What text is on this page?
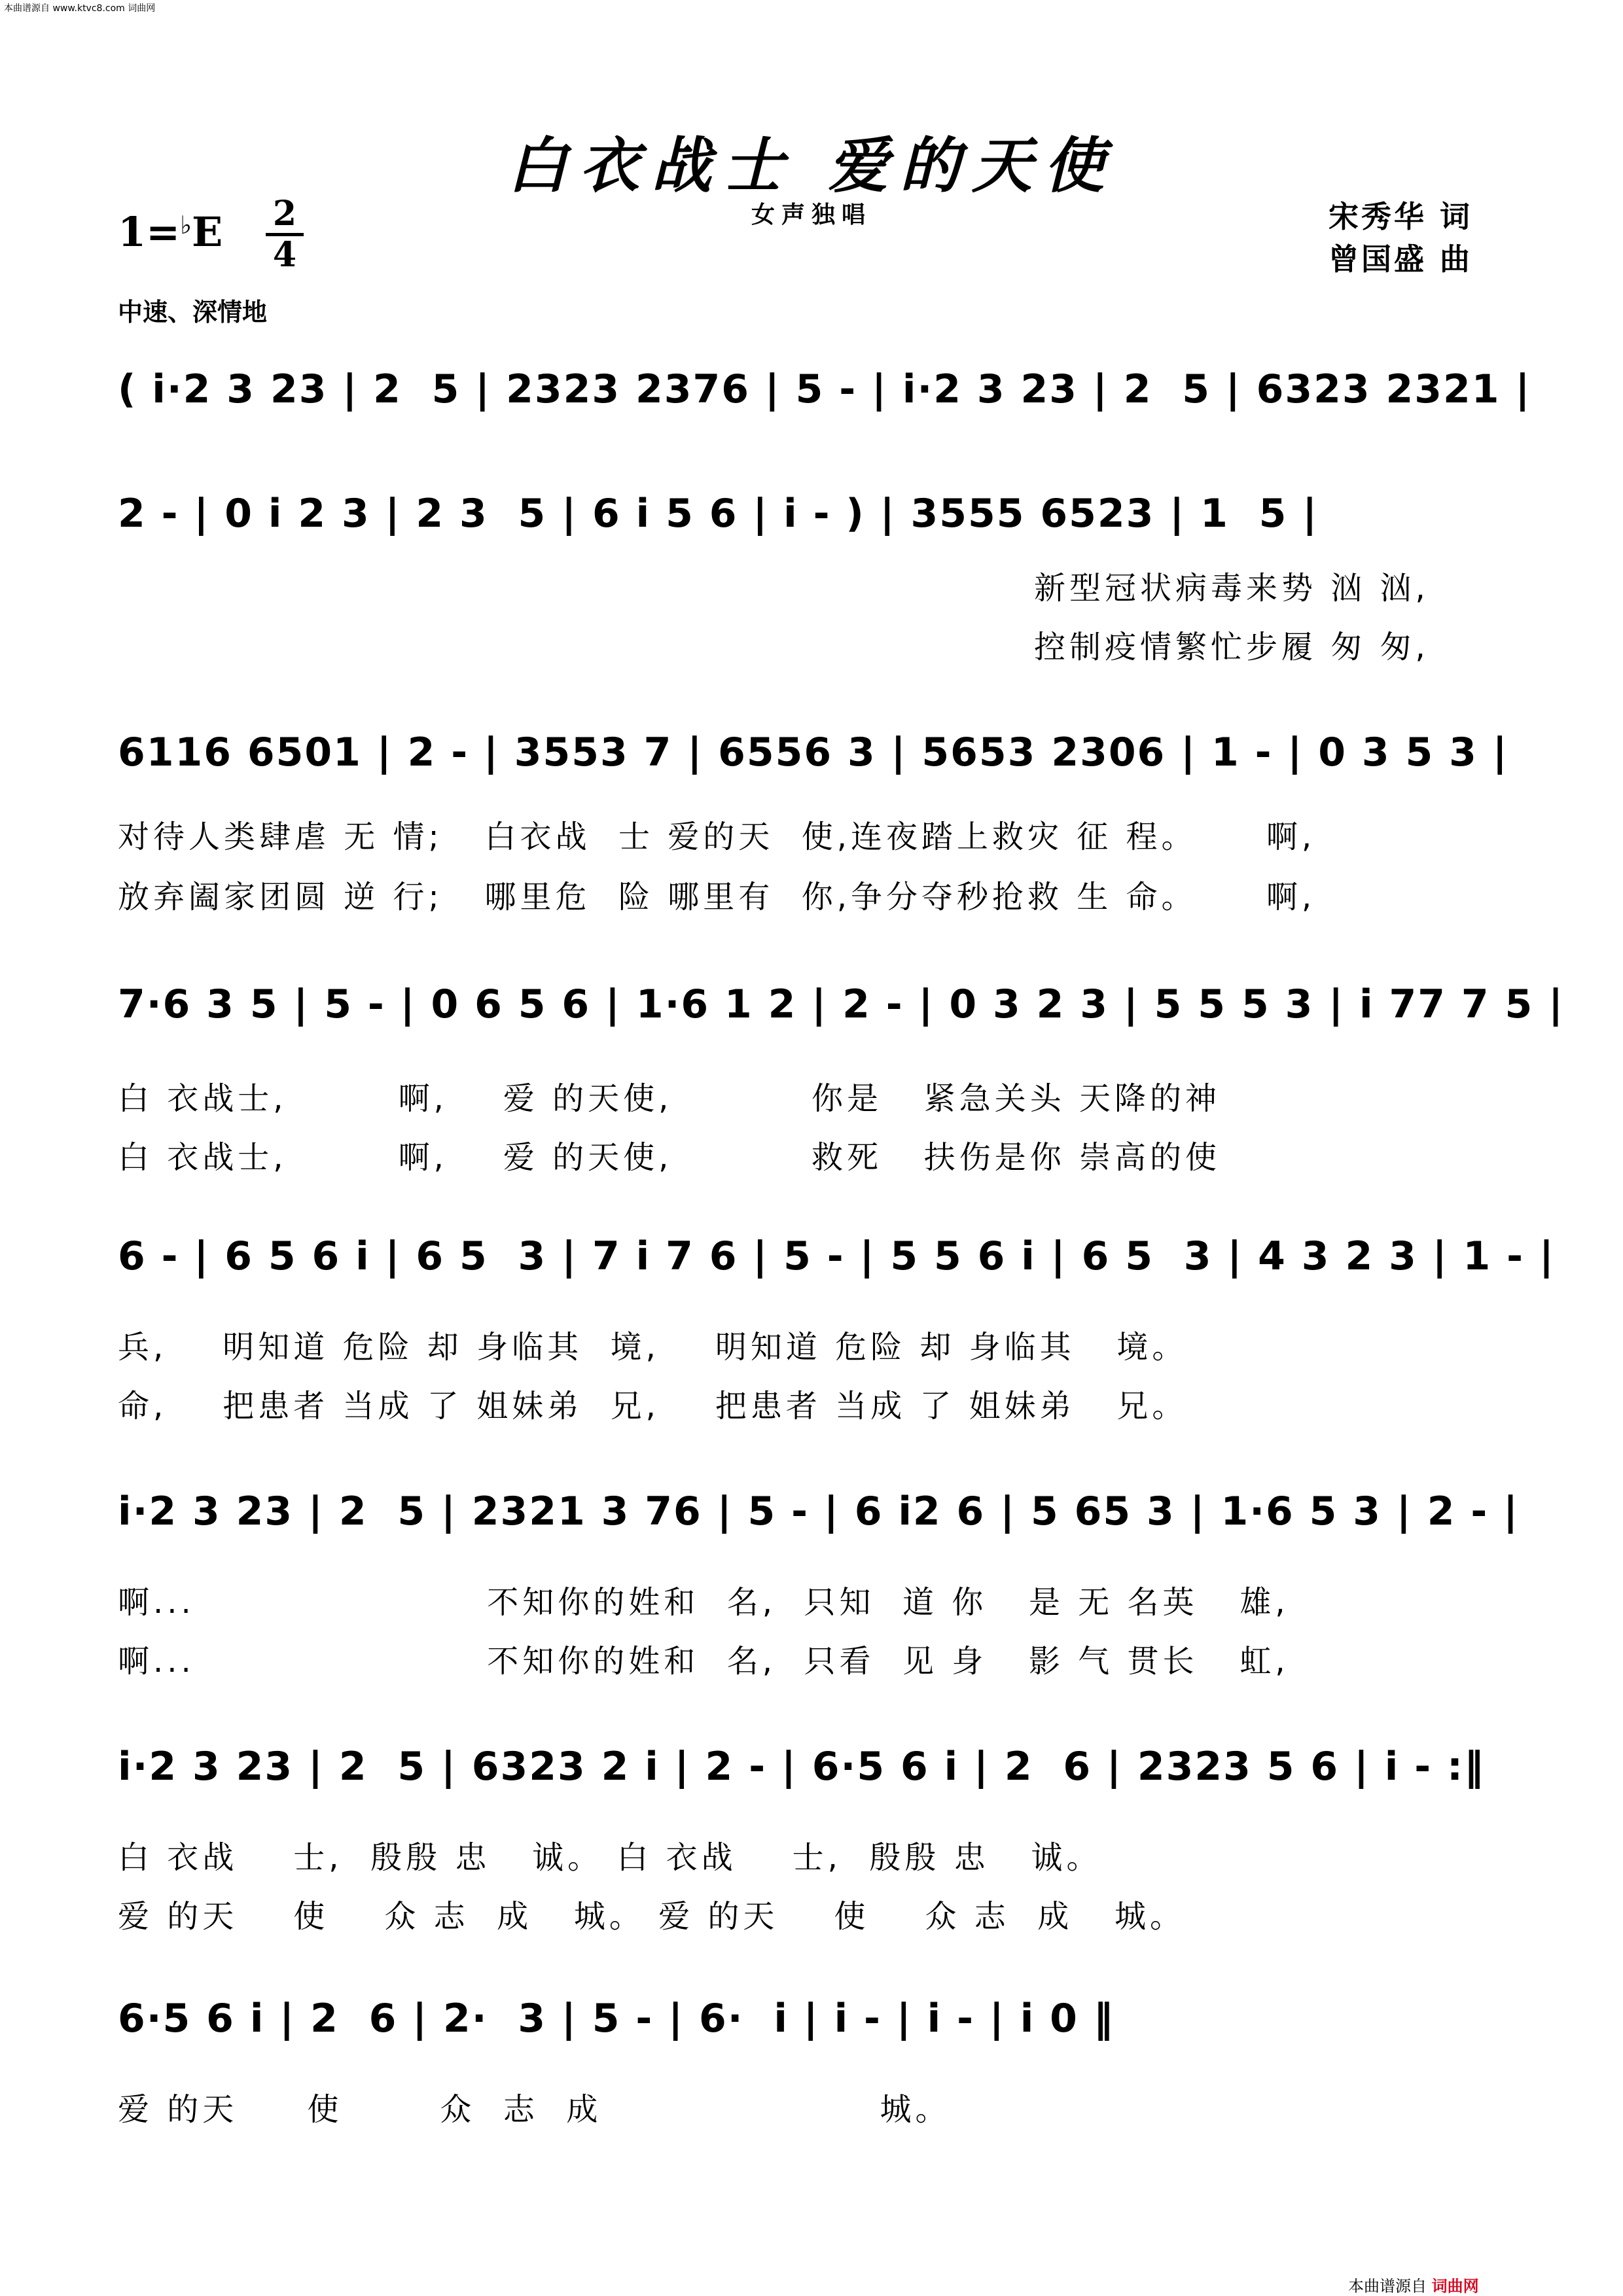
本曲谱源自 www.ktvc8.com 词曲网
白衣战士 爱的天使
女声独唱
1=♭E	2
4
中速、深情地
宋秀华 词
曾国盛 曲
( i·2 3 23 | 2  5 | 2323 2376 | 5 - | i·2 3 23 | 2  5 | 6323 2321 |
2 - | 0 i 2 3 | 2 3  5 | 6 i 5 6 | i - ) | 3555 6523 | 1  5 |
6116 6501 | 2 - | 3553 7 | 6556 3 | 5653 2306 | 1 - | 0 3 5 3 |
7·6 3 5 | 5 - | 0 6 5 6 | 1·6 1 2 | 2 - | 0 3 2 3 | 5 5 5 3 | i 77 7 5 |
6 - | 6 5 6 i | 6 5  3 | 7 i 7 6 | 5 - | 5 5 6 i | 6 5  3 | 4 3 2 3 | 1 - |
i·2 3 23 | 2  5 | 2321 3 76 | 5 - | 6 i2 6 | 5 65 3 | 1·6 5 3 | 2 - |
i·2 3 23 | 2  5 | 6323 2 i | 2 - | 6·5 6 i | 2  6 | 2323 5 6 | i - :‖
6·5 6 i | 2  6 | 2·  3 | 5 - | 6·  i | i - | i - | i 0 ‖
新型冠状病毒来势 汹 汹,
控制疫情繁忙步履 匆 匆,
对待人类肆虐 无 情;   白衣战  士 爱的天  使,连夜踏上救灾 征 程。     啊,
放弃阖家团圆 逆 行;   哪里危  险 哪里有  你,争分夺秒抢救 生 命。     啊,
白 衣战士,        啊,    爱 的天使,          你是   紧急关头 天降的神
白 衣战士,        啊,    爱 的天使,          救死   扶伤是你 崇高的使
兵,    明知道 危险 却 身临其  境,    明知道 危险 却 身临其   境。
命,    把患者 当成 了 姐妹弟  兄,    把患者 当成 了 姐妹弟   兄。
啊...                     不知你的姓和  名,  只知  道 你   是 无 名英   雄,
啊...                     不知你的姓和  名,  只看  见 身   影 气 贯长   虹,
白 衣战    士,  殷殷 忠   诚。 白 衣战    士,  殷殷 忠   诚。
爱 的天    使    众 志  成   城。 爱 的天    使    众 志  成   城。
爱 的天     使       众  志  成                    城。
本曲谱源自 词曲网
